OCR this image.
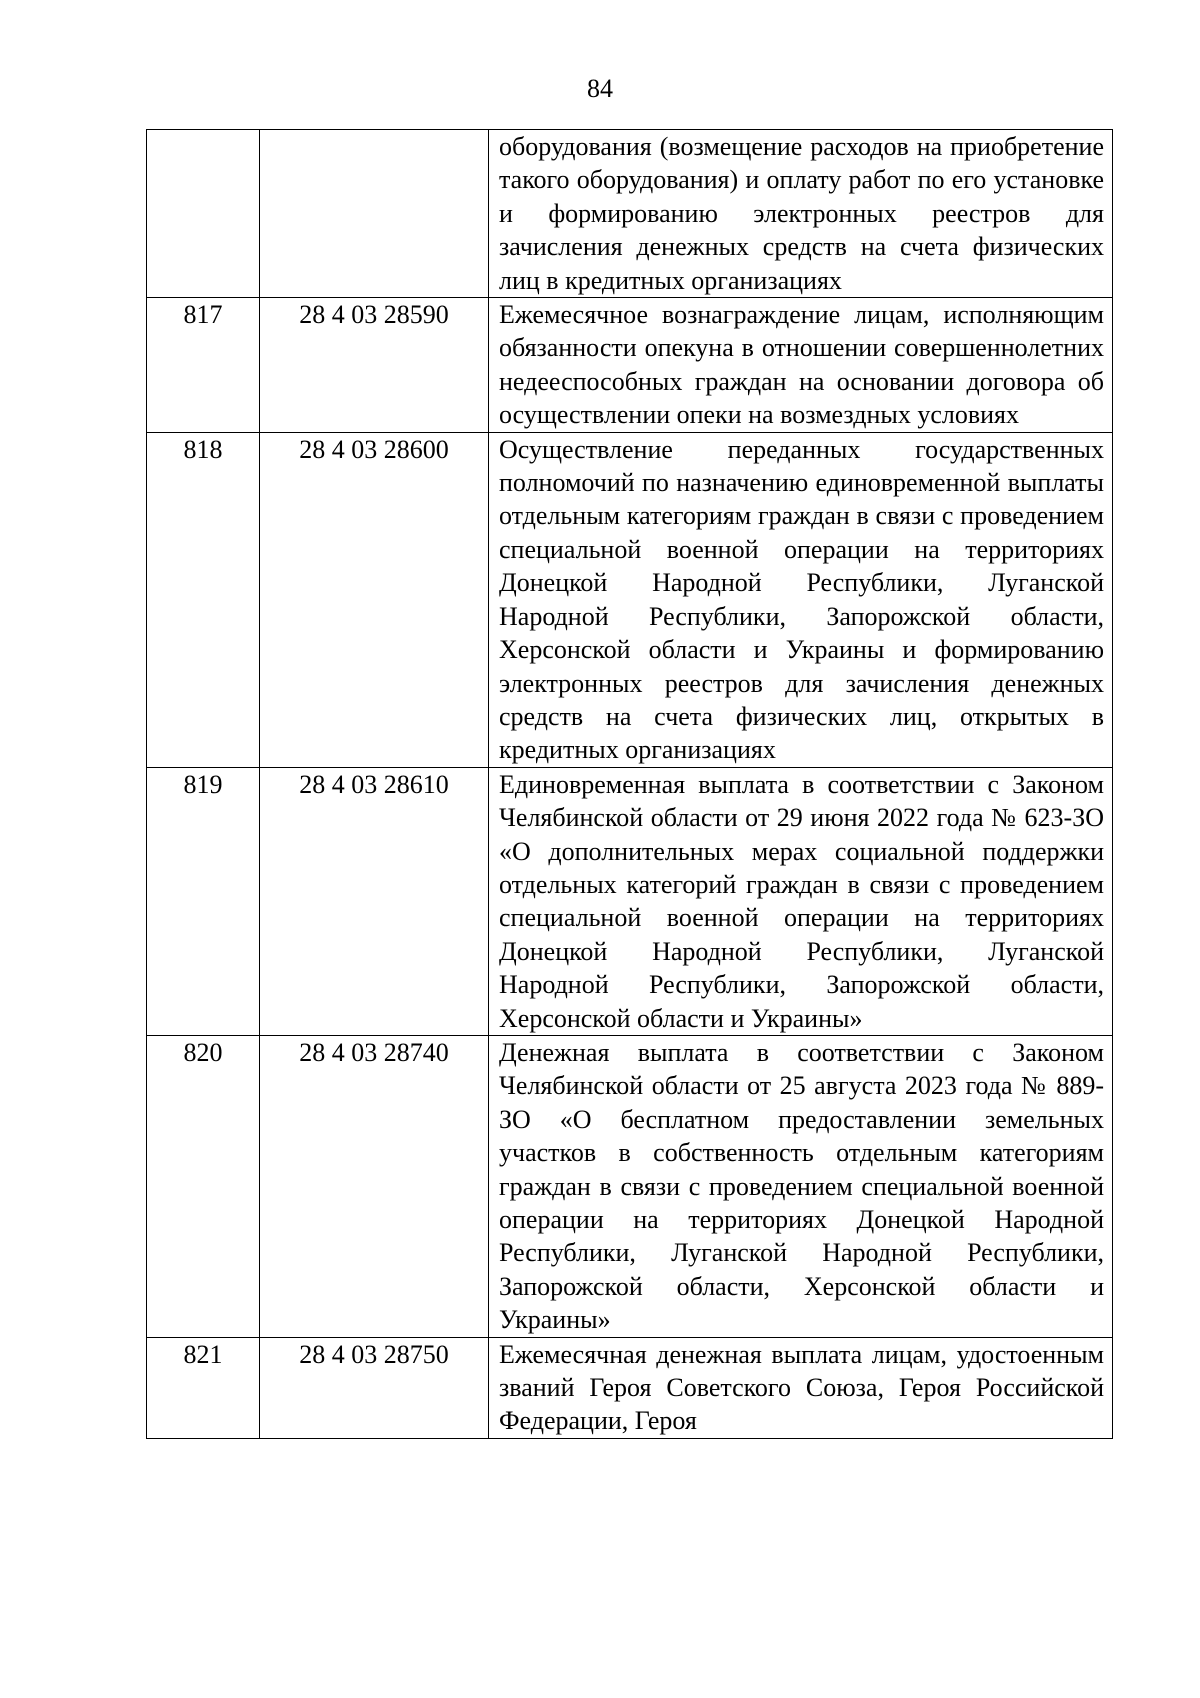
84

		оборудования (возмещение расходов на приобретение такого оборудования) и оплату работ по его установке и формированию электронных реестров для зачисления денежных средств на счета физических лиц в кредитных организациях

817	28 4 03 28590	Ежемесячное вознаграждение лицам, исполняющим обязанности опекуна в отношении совершеннолетних недееспособных граждан на основании договора об осуществлении опеки на возмездных условиях

818	28 4 03 28600	Осуществление переданных государственных полномочий по назначению единовременной выплаты отдельным категориям граждан в связи с проведением специальной военной операции на территориях Донецкой Народной Республики, Луганской Народной Республики, Запорожской области, Херсонской области и Украины и формированию электронных реестров для зачисления денежных средств на счета физических лиц, открытых в кредитных организациях

819	28 4 03 28610	Единовременная выплата в соответствии с Законом Челябинской области от 29 июня 2022 года № 623-ЗО «О дополнительных мерах социальной поддержки отдельных категорий граждан в связи с проведением специальной военной операции на территориях Донецкой Народной Республики, Луганской Народной Республики, Запорожской области, Херсонской области и Украины»

820	28 4 03 28740	Денежная выплата в соответствии с Законом Челябинской области от 25 августа 2023 года № 889-ЗО «О бесплатном предоставлении земельных участков в собственность отдельным категориям граждан в связи с проведением специальной военной операции на территориях Донецкой Народной Республики, Луганской Народной Республики, Запорожской области, Херсонской области и Украины»

821	28 4 03 28750	Ежемесячная денежная выплата лицам, удостоенным званий Героя Советского Союза, Героя Российской Федерации, Героя
